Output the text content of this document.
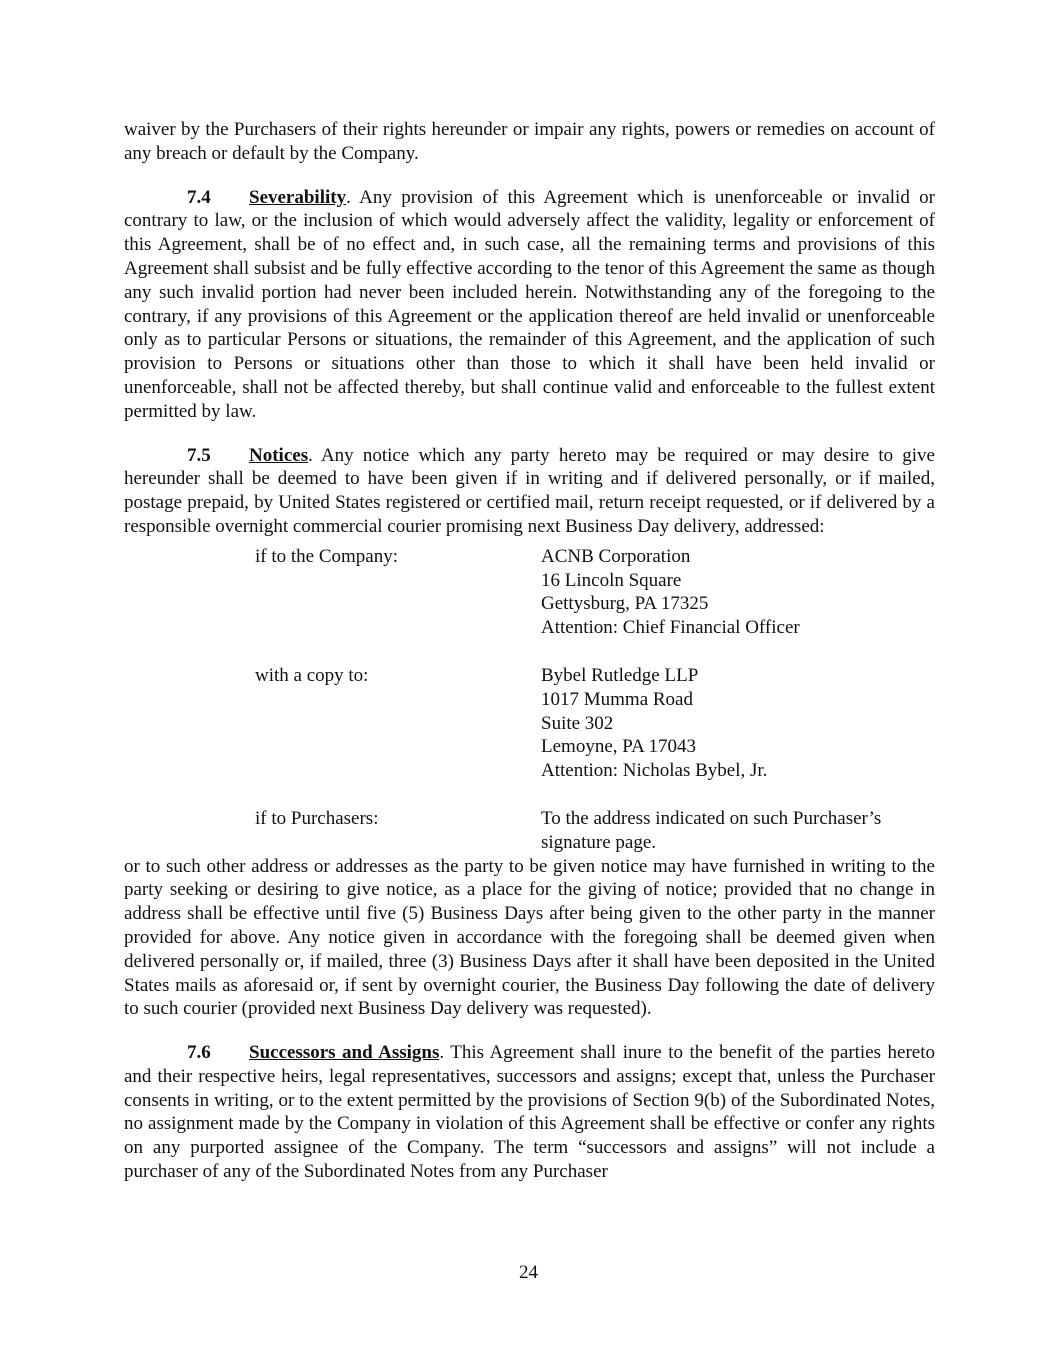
waiver by the Purchasers of their rights hereunder or impair any rights, powers or remedies on account of any breach or default by the Company.

7.4 Severability. Any provision of this Agreement which is unenforceable or invalid or contrary to law, or the inclusion of which would adversely affect the validity, legality or enforcement of this Agreement, shall be of no effect and, in such case, all the remaining terms and provisions of this Agreement shall subsist and be fully effective according to the tenor of this Agreement the same as though any such invalid portion had never been included herein. Notwithstanding any of the foregoing to the contrary, if any provisions of this Agreement or the application thereof are held invalid or unenforceable only as to particular Persons or situations, the remainder of this Agreement, and the application of such provision to Persons or situations other than those to which it shall have been held invalid or unenforceable, shall not be affected thereby, but shall continue valid and enforceable to the fullest extent permitted by law.

7.5 Notices. Any notice which any party hereto may be required or may desire to give hereunder shall be deemed to have been given if in writing and if delivered personally, or if mailed, postage prepaid, by United States registered or certified mail, return receipt requested, or if delivered by a responsible overnight commercial courier promising next Business Day delivery, addressed:

if to the Company:	ACNB Corporation
16 Lincoln Square
Gettysburg, PA 17325
Attention: Chief Financial Officer
with a copy to:	Bybel Rutledge LLP
1017 Mumma Road
Suite 302
Lemoyne, PA 17043
Attention: Nicholas Bybel, Jr.
if to Purchasers:	To the address indicated on such Purchaser’s
signature page.

or to such other address or addresses as the party to be given notice may have furnished in writing to the party seeking or desiring to give notice, as a place for the giving of notice; provided that no change in address shall be effective until five (5) Business Days after being given to the other party in the manner provided for above. Any notice given in accordance with the foregoing shall be deemed given when delivered personally or, if mailed, three (3) Business Days after it shall have been deposited in the United States mails as aforesaid or, if sent by overnight courier, the Business Day following the date of delivery to such courier (provided next Business Day delivery was requested).

7.6 Successors and Assigns. This Agreement shall inure to the benefit of the parties hereto and their respective heirs, legal representatives, successors and assigns; except that, unless the Purchaser consents in writing, or to the extent permitted by the provisions of Section 9(b) of the Subordinated Notes, no assignment made by the Company in violation of this Agreement shall be effective or confer any rights on any purported assignee of the Company. The term “successors and assigns” will not include a purchaser of any of the Subordinated Notes from any Purchaser

24
